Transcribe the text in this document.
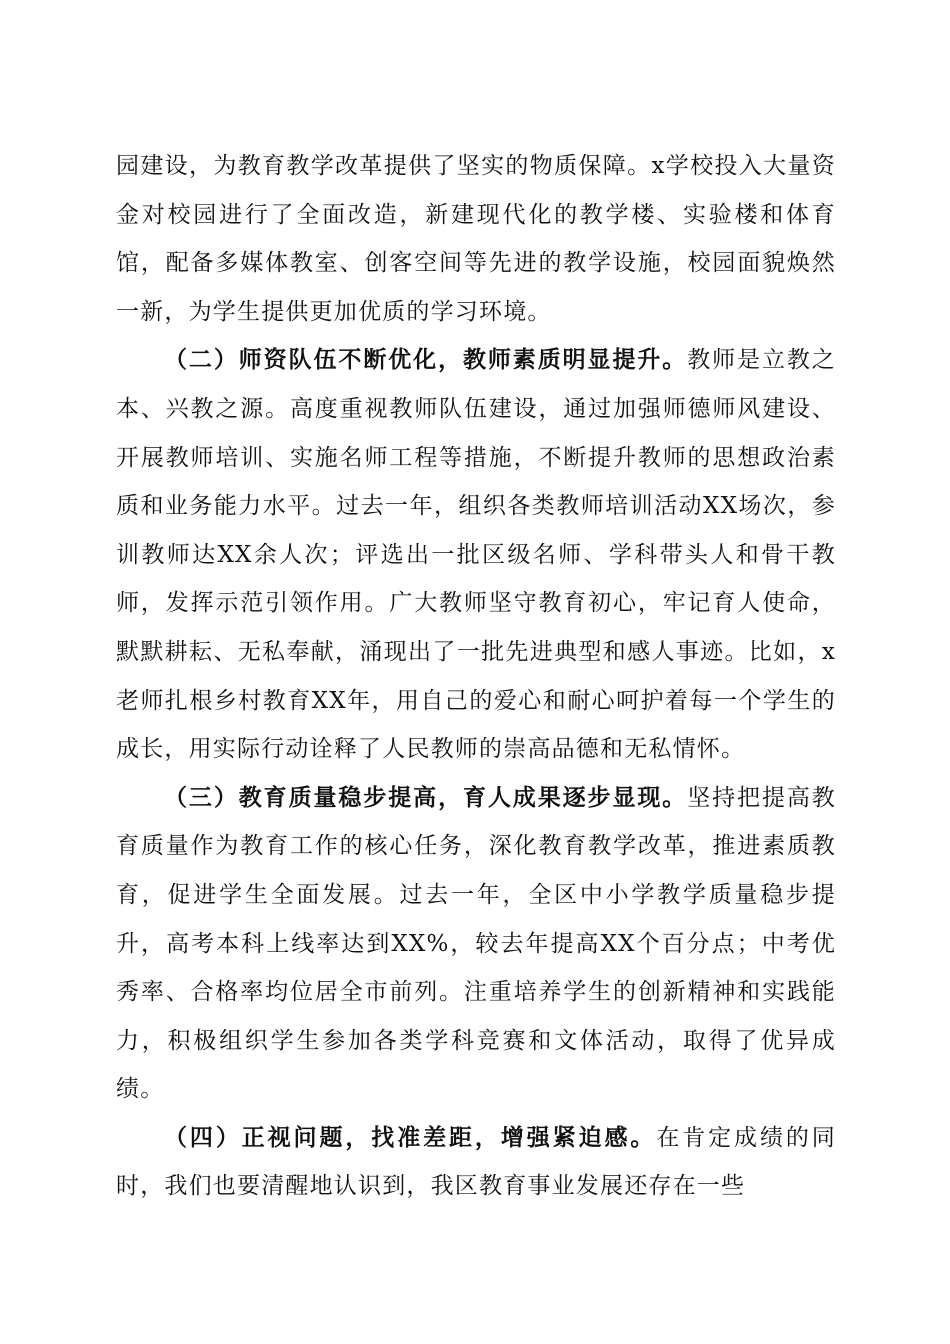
园建设，为教育教学改革提供了坚实的物质保障。x学校投入大量资金对校园进行了全面改造，新建现代化的教学楼、实验楼和体育馆，配备多媒体教室、创客空间等先进的教学设施，校园面貌焕然一新，为学生提供更加优质的学习环境。

（二）师资队伍不断优化，教师素质明显提升。教师是立教之本、兴教之源。高度重视教师队伍建设，通过加强师德师风建设、开展教师培训、实施名师工程等措施，不断提升教师的思想政治素质和业务能力水平。过去一年，组织各类教师培训活动XX场次，参训教师达XX余人次；评选出一批区级名师、学科带头人和骨干教师，发挥示范引领作用。广大教师坚守教育初心，牢记育人使命，默默耕耘、无私奉献，涌现出了一批先进典型和感人事迹。比如，x老师扎根乡村教育XX年，用自己的爱心和耐心呵护着每一个学生的成长，用实际行动诠释了人民教师的崇高品德和无私情怀。

（三）教育质量稳步提高，育人成果逐步显现。坚持把提高教育质量作为教育工作的核心任务，深化教育教学改革，推进素质教育，促进学生全面发展。过去一年，全区中小学教学质量稳步提升，高考本科上线率达到XX%，较去年提高XX个百分点；中考优秀率、合格率均位居全市前列。注重培养学生的创新精神和实践能力，积极组织学生参加各类学科竞赛和文体活动，取得了优异成绩。

（四）正视问题，找准差距，增强紧迫感。在肯定成绩的同时，我们也要清醒地认识到，我区教育事业发展还存在一些
